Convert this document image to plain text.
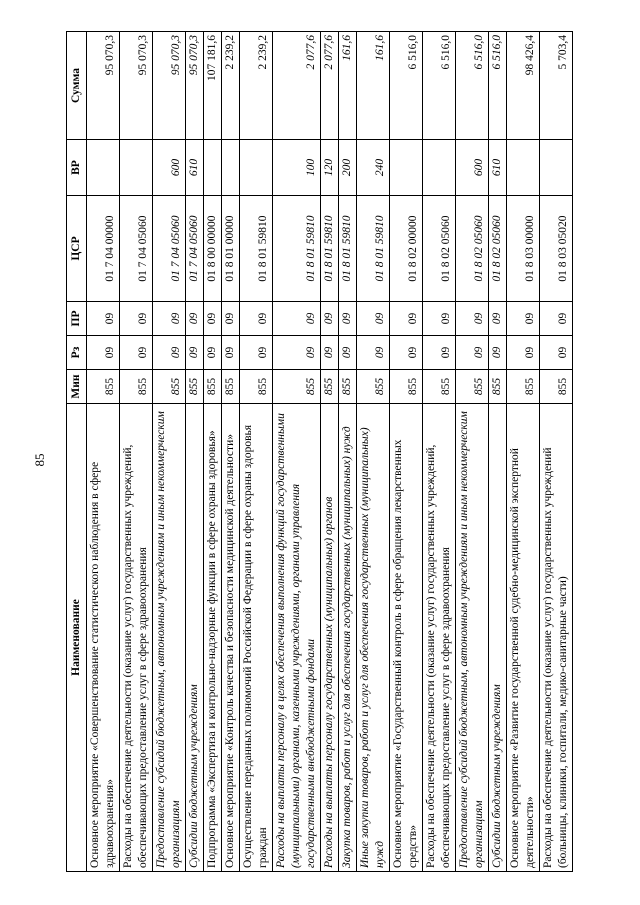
85
Наименование	Мин	Рз	ПР	ЦСР	ВР	Сумма
Основное мероприятие «Совершенствование статистического наблюдения в сфере здравоохранения»	855	09	09	01 7 04 00000		95 070,3
Расходы на обеспечение деятельности (оказание услуг) государственных учреждений, обеспечивающих предоставление услуг в сфере здравоохранения	855	09	09	01 7 04 05060		95 070,3
Предоставление субсидий бюджетным, автономным учреждениям и иным некоммерческим организациям	855	09	09	01 7 04 05060	600	95 070,3
Субсидии бюджетным учреждениям	855	09	09	01 7 04 05060	610	95 070,3
Подпрограмма «Экспертиза и контрольно-надзорные функции в сфере охраны здоровья»	855	09	09	01 8 00 00000		107 181,6
Основное мероприятие «Контроль качества и безопасности медицинской деятельности»	855	09	09	01 8 01 00000		2 239,2
Осуществление переданных полномочий Российской Федерации в сфере охраны здоровья граждан	855	09	09	01 8 01 59810		2 239,2
Расходы на выплаты персоналу в целях обеспечения выполнения функций государственными (муниципальными) органами, казенными учреждениями, органами управления государственными внебюджетными фондами	855	09	09	01 8 01 59810	100	2 077,6
Расходы на выплаты персоналу государственных (муниципальных) органов	855	09	09	01 8 01 59810	120	2 077,6
Закупка товаров, работ и услуг для обеспечения государственных (муниципальных) нужд	855	09	09	01 8 01 59810	200	161,6
Иные закупки товаров, работ и услуг для обеспечения государственных (муниципальных) нужд	855	09	09	01 8 01 59810	240	161,6
Основное мероприятие «Государственный контроль в сфере обращения лекарственных средств»	855	09	09	01 8 02 00000		6 516,0
Расходы на обеспечение деятельности (оказание услуг) государственных учреждений, обеспечивающих предоставление услуг в сфере здравоохранения	855	09	09	01 8 02 05060		6 516,0
Предоставление субсидий бюджетным, автономным учреждениям и иным некоммерческим организациям	855	09	09	01 8 02 05060	600	6 516,0
Субсидии бюджетным учреждениям	855	09	09	01 8 02 05060	610	6 516,0
Основное мероприятие «Развитие государственной судебно-медицинской экспертной деятельности»	855	09	09	01 8 03 00000		98 426,4
Расходы на обеспечение деятельности (оказание услуг) государственных учреждений (больницы, клиники, госпитали, медико-санитарные части)	855	09	09	01 8 03 05020		5 703,4
